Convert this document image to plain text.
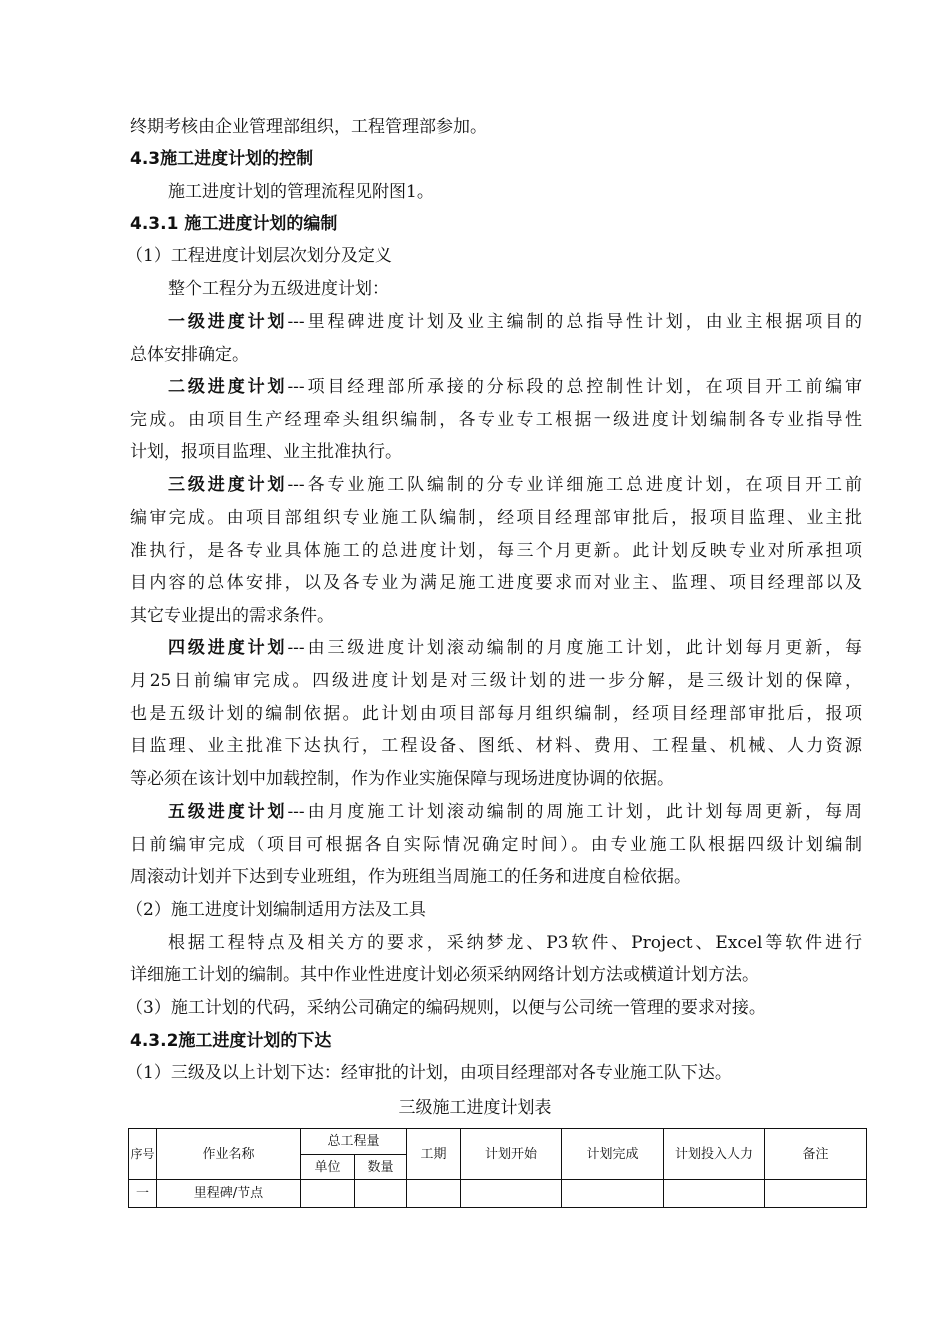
终期考核由企业管理部组织，工程管理部参加。
4.3施工进度计划的控制
施工进度计划的管理流程见附图1。
4.3.1 施工进度计划的编制
（1）工程进度计划层次划分及定义
整个工程分为五级进度计划：
一级进度计划---里程碑进度计划及业主编制的总指导性计划，由业主根据项目的
总体安排确定。
二级进度计划---项目经理部所承接的分标段的总控制性计划，在项目开工前编审
完成。由项目生产经理牵头组织编制，各专业专工根据一级进度计划编制各专业指导性
计划，报项目监理、业主批准执行。
三级进度计划---各专业施工队编制的分专业详细施工总进度计划，在项目开工前
编审完成。由项目部组织专业施工队编制，经项目经理部审批后，报项目监理、业主批
准执行，是各专业具体施工的总进度计划，每三个月更新。此计划反映专业对所承担项
目内容的总体安排，以及各专业为满足施工进度要求而对业主、监理、项目经理部以及
其它专业提出的需求条件。
四级进度计划---由三级进度计划滚动编制的月度施工计划，此计划每月更新，每
月25日前编审完成。四级进度计划是对三级计划的进一步分解，是三级计划的保障，
也是五级计划的编制依据。此计划由项目部每月组织编制，经项目经理部审批后，报项
目监理、业主批准下达执行，工程设备、图纸、材料、费用、工程量、机械、人力资源
等必须在该计划中加载控制，作为作业实施保障与现场进度协调的依据。
五级进度计划---由月度施工计划滚动编制的周施工计划，此计划每周更新，每周
日前编审完成（项目可根据各自实际情况确定时间）。由专业施工队根据四级计划编制
周滚动计划并下达到专业班组，作为班组当周施工的任务和进度自检依据。
（2）施工进度计划编制适用方法及工具
根据工程特点及相关方的要求，采纳梦龙、P3软件、Project、Excel等软件进行
详细施工计划的编制。其中作业性进度计划必须采纳网络计划方法或横道计划方法。
（3）施工计划的代码，采纳公司确定的编码规则，以便与公司统一管理的要求对接。
4.3.2施工进度计划的下达
（1）三级及以上计划下达：经审批的计划，由项目经理部对各专业施工队下达。
三级施工进度计划表
序号	作业名称	总工程量		工期	计划开始	计划完成	计划投入人力	备注
		单位	数量					
一	里程碑/节点							
